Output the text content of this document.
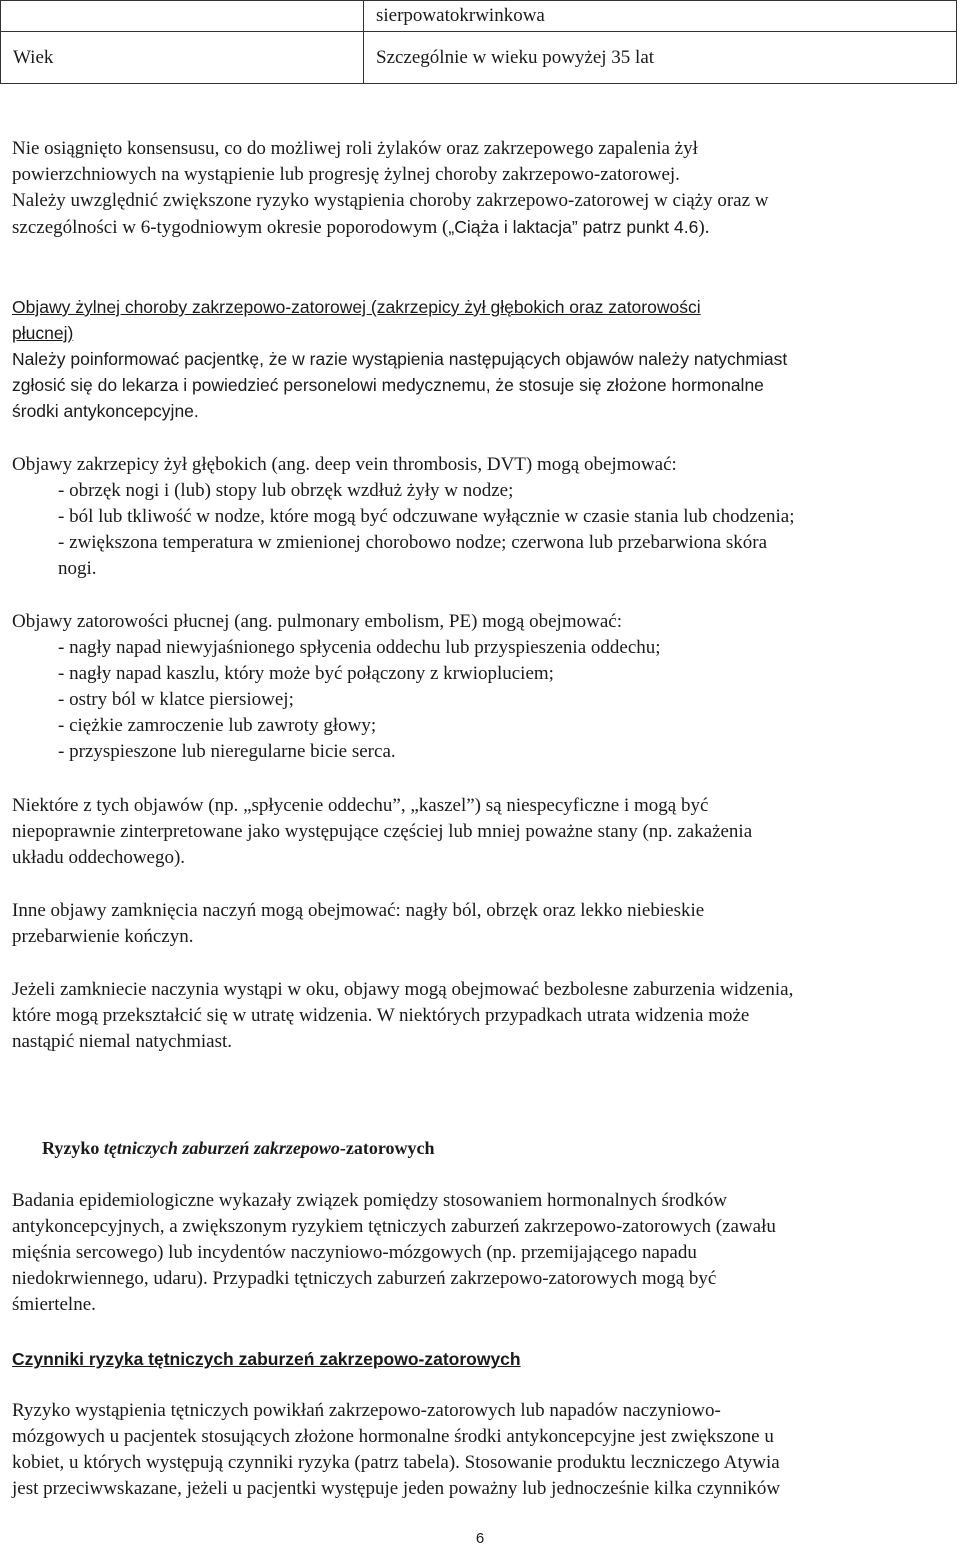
	sierpowatokrwinkowa
Wiek	Szczególnie w wieku powyżej 35 lat
Nie osiągnięto konsensusu, co do możliwej roli żylaków oraz zakrzepowego zapalenia żył
powierzchniowych na wystąpienie lub progresję żylnej choroby zakrzepowo-zatorowej.
Należy uwzględnić zwiększone ryzyko wystąpienia choroby zakrzepowo-zatorowej w ciąży oraz w
szczególności w 6-tygodniowym okresie poporodowym („Ciąża i laktacja” patrz punkt 4.6).
Objawy żylnej choroby zakrzepowo-zatorowej (zakrzepicy żył głębokich oraz zatorowości
płucnej)
Należy poinformować pacjentkę, że w razie wystąpienia następujących objawów należy natychmiast
zgłosić się do lekarza i powiedzieć personelowi medycznemu, że stosuje się złożone hormonalne
środki antykoncepcyjne.
Objawy zakrzepicy żył głębokich (ang. deep vein thrombosis, DVT) mogą obejmować:
- obrzęk nogi i (lub) stopy lub obrzęk wzdłuż żyły w nodze;
- ból lub tkliwość w nodze, które mogą być odczuwane wyłącznie w czasie stania lub chodzenia;
- zwiększona temperatura w zmienionej chorobowo nodze; czerwona lub przebarwiona skóra
nogi.
Objawy zatorowości płucnej (ang. pulmonary embolism, PE) mogą obejmować:
- nagły napad niewyjaśnionego spłycenia oddechu lub przyspieszenia oddechu;
- nagły napad kaszlu, który może być połączony z krwiopluciem;
- ostry ból w klatce piersiowej;
- ciężkie zamroczenie lub zawroty głowy;
- przyspieszone lub nieregularne bicie serca.
Niektóre z tych objawów (np. „spłycenie oddechu”, „kaszel”) są niespecyficzne i mogą być
niepoprawnie zinterpretowane jako występujące częściej lub mniej poważne stany (np. zakażenia
układu oddechowego).
Inne objawy zamknięcia naczyń mogą obejmować: nagły ból, obrzęk oraz lekko niebieskie
przebarwienie kończyn.
Jeżeli zamkniecie naczynia wystąpi w oku, objawy mogą obejmować bezbolesne zaburzenia widzenia,
które mogą przekształcić się w utratę widzenia. W niektórych przypadkach utrata widzenia może
nastąpić niemal natychmiast.
Ryzyko tętniczych zaburzeń zakrzepowo-zatorowych
Badania epidemiologiczne wykazały związek pomiędzy stosowaniem hormonalnych środków
antykoncepcyjnych, a zwiększonym ryzykiem tętniczych zaburzeń zakrzepowo-zatorowych (zawału
mięśnia sercowego) lub incydentów naczyniowo-mózgowych (np. przemijającego napadu
niedokrwiennego, udaru). Przypadki tętniczych zaburzeń zakrzepowo-zatorowych mogą być
śmiertelne.
Czynniki ryzyka tętniczych zaburzeń zakrzepowo-zatorowych
Ryzyko wystąpienia tętniczych powikłań zakrzepowo-zatorowych lub napadów naczyniowo-
mózgowych u pacjentek stosujących złożone hormonalne środki antykoncepcyjne jest zwiększone u
kobiet, u których występują czynniki ryzyka (patrz tabela). Stosowanie produktu leczniczego Atywia
jest przeciwwskazane, jeżeli u pacjentki występuje jeden poważny lub jednocześnie kilka czynników
6
